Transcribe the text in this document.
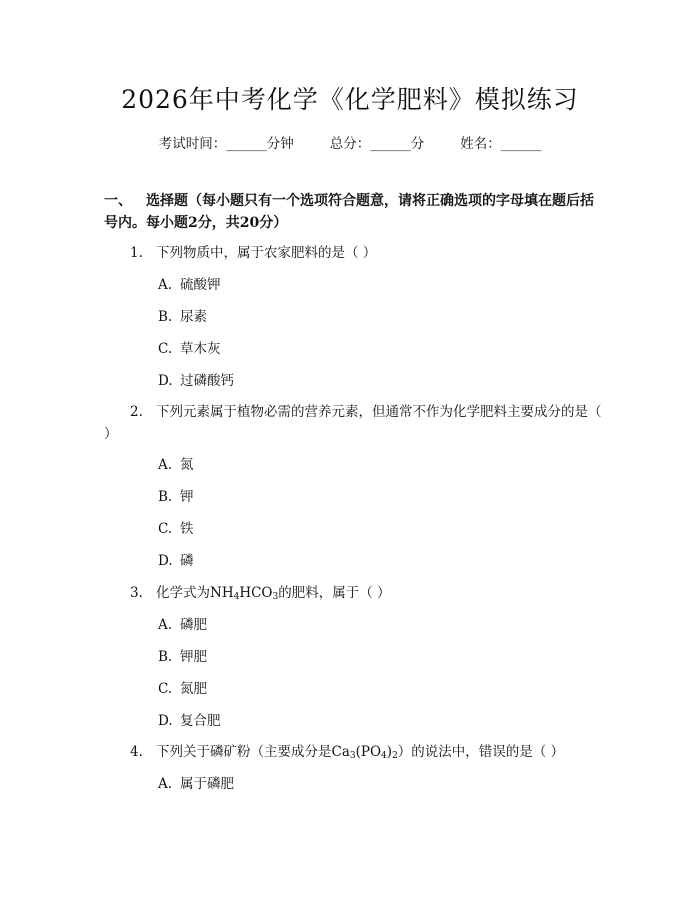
2026年中考化学《化学肥料》模拟练习
考试时间：______分钟	总分：______分	姓名：______
一、 选择题（每小题只有一个选项符合题意，请将正确选项的字母填在题后括号内。每小题2分，共20分）
1. 下列物质中，属于农家肥料的是（ ）
A. 硫酸钾
B. 尿素
C. 草木灰
D. 过磷酸钙
2. 下列元素属于植物必需的营养元素，但通常不作为化学肥料主要成分的是（ ）
A. 氮
B. 钾
C. 铁
D. 磷
3. 化学式为$NH_4HCO_3$的肥料，属于（ ）
A. 磷肥
B. 钾肥
C. 氮肥
D. 复合肥
4. 下列关于磷矿粉（主要成分是$Ca_3(PO_4)_2$）的说法中，错误的是（ ）
A. 属于磷肥
